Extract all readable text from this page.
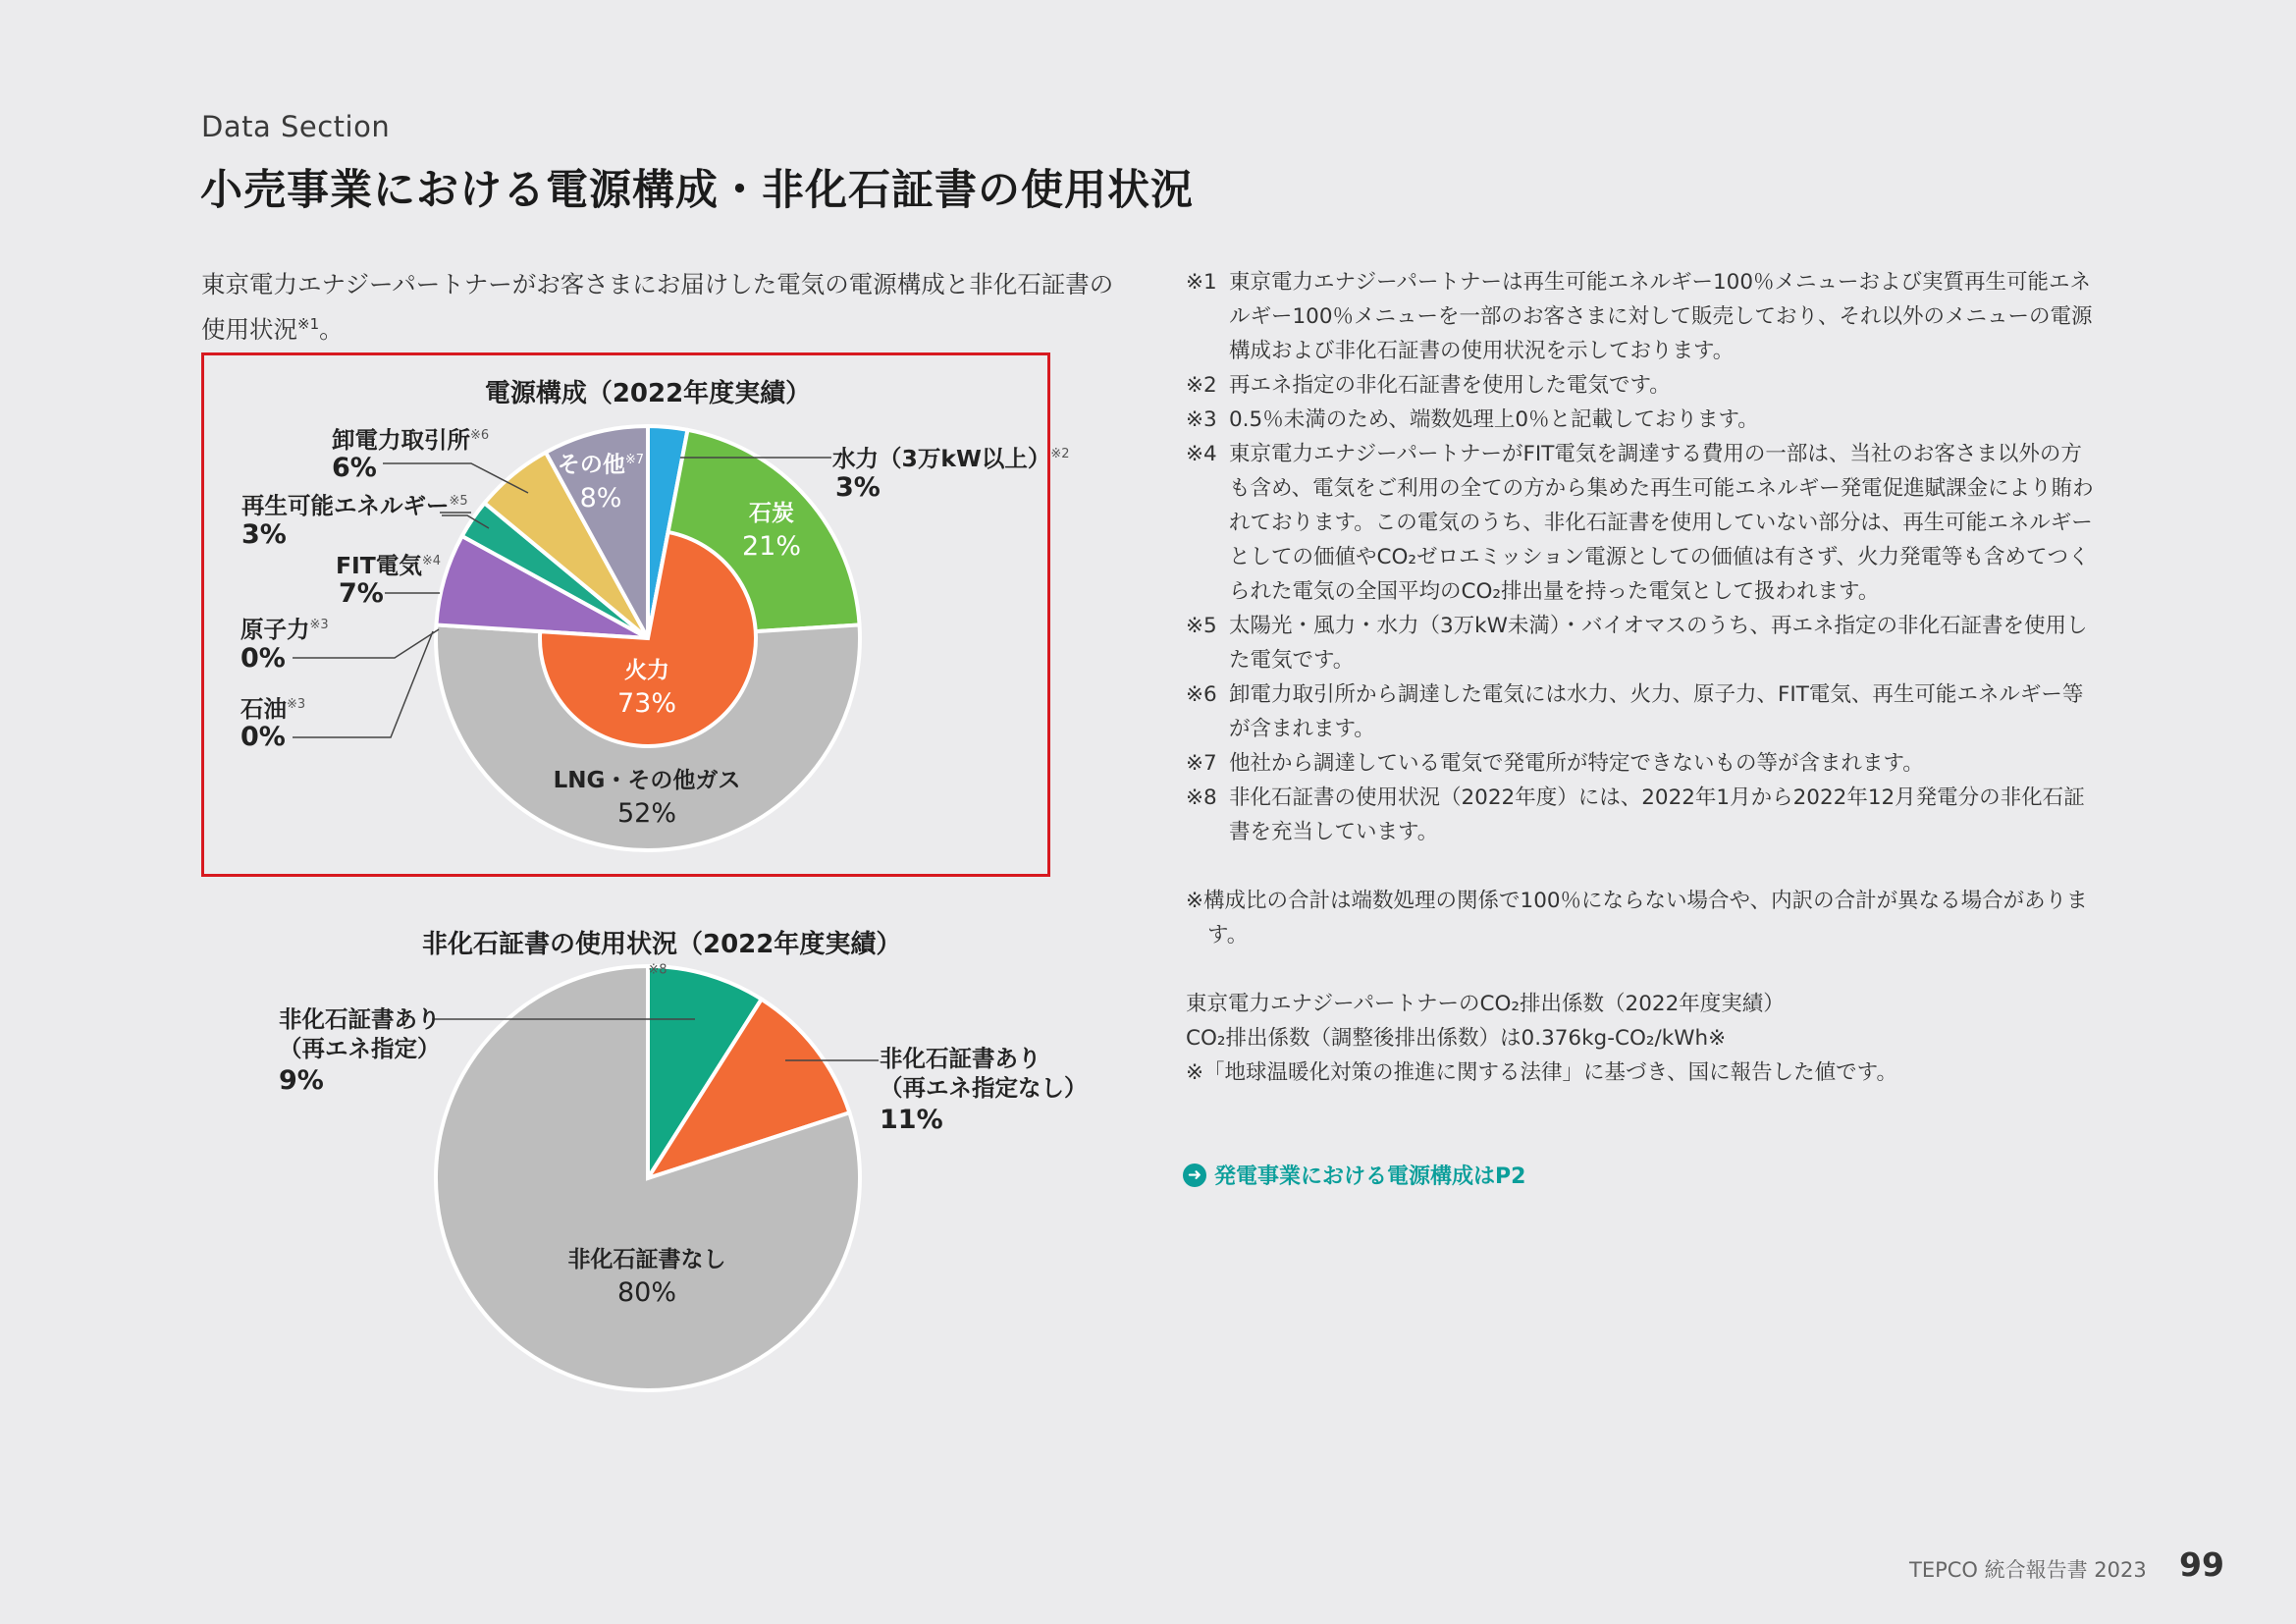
Data Section
小売事業における電源構成・非化石証書の使用状況
東京電力エナジーパートナーがお客さまにお届けした電気の電源構成と非化石証書の
使用状況$^{※1}$。
電源構成（2022年度実績）
水力（3万kW以上）$^{※2}$
3%
卸電力取引所$^{※6}$
6%
再生可能エネルギー$^{※5}$
3%
FIT電気$^{※4}$
7%
原子力$^{※3}$
0%
石油$^{※3}$
0%
その他$^{※7}$
8%
石炭
21%
火力
73%
LNG・その他ガス
52%
非化石証書の使用状況（2022年度実績）$^{※8}$
非化石証書あり
（再エネ指定）
9%
非化石証書あり
（再エネ指定なし）
11%
非化石証書なし
80%
※1 東京電力エナジーパートナーは再生可能エネルギー100％メニューおよび実質再生可能エネルギー100％メニューを一部のお客さまに対して販売しており、それ以外のメニューの電源構成および非化石証書の使用状況を示しております。
※2 再エネ指定の非化石証書を使用した電気です。
※3 0.5％未満のため、端数処理上0％と記載しております。
※4 東京電力エナジーパートナーがFIT電気を調達する費用の一部は、当社のお客さま以外の方も含め、電気をご利用の全ての方から集めた再生可能エネルギー発電促進賦課金により賄われております。この電気のうち、非化石証書を使用していない部分は、再生可能エネルギーとしての価値やCO₂ゼロエミッション電源としての価値は有さず、火力発電等も含めてつくられた電気の全国平均のCO₂排出量を持った電気として扱われます。
※5 太陽光・風力・水力（3万kW未満）・バイオマスのうち、再エネ指定の非化石証書を使用した電気です。
※6 卸電力取引所から調達した電気には水力、火力、原子力、FIT電気、再生可能エネルギー等が含まれます。
※7 他社から調達している電気で発電所が特定できないもの等が含まれます。
※8 非化石証書の使用状況（2022年度）には、2022年1月から2022年12月発電分の非化石証書を充当しています。
※構成比の合計は端数処理の関係で100％にならない場合や、内訳の合計が異なる場合があります。
東京電力エナジーパートナーのCO₂排出係数（2022年度実績）
CO₂排出係数（調整後排出係数）は0.376kg-CO₂/kWh※
※「地球温暖化対策の推進に関する法律」に基づき、国に報告した値です。
➜ 発電事業における電源構成はP2
TEPCO 統合報告書 2023 99
